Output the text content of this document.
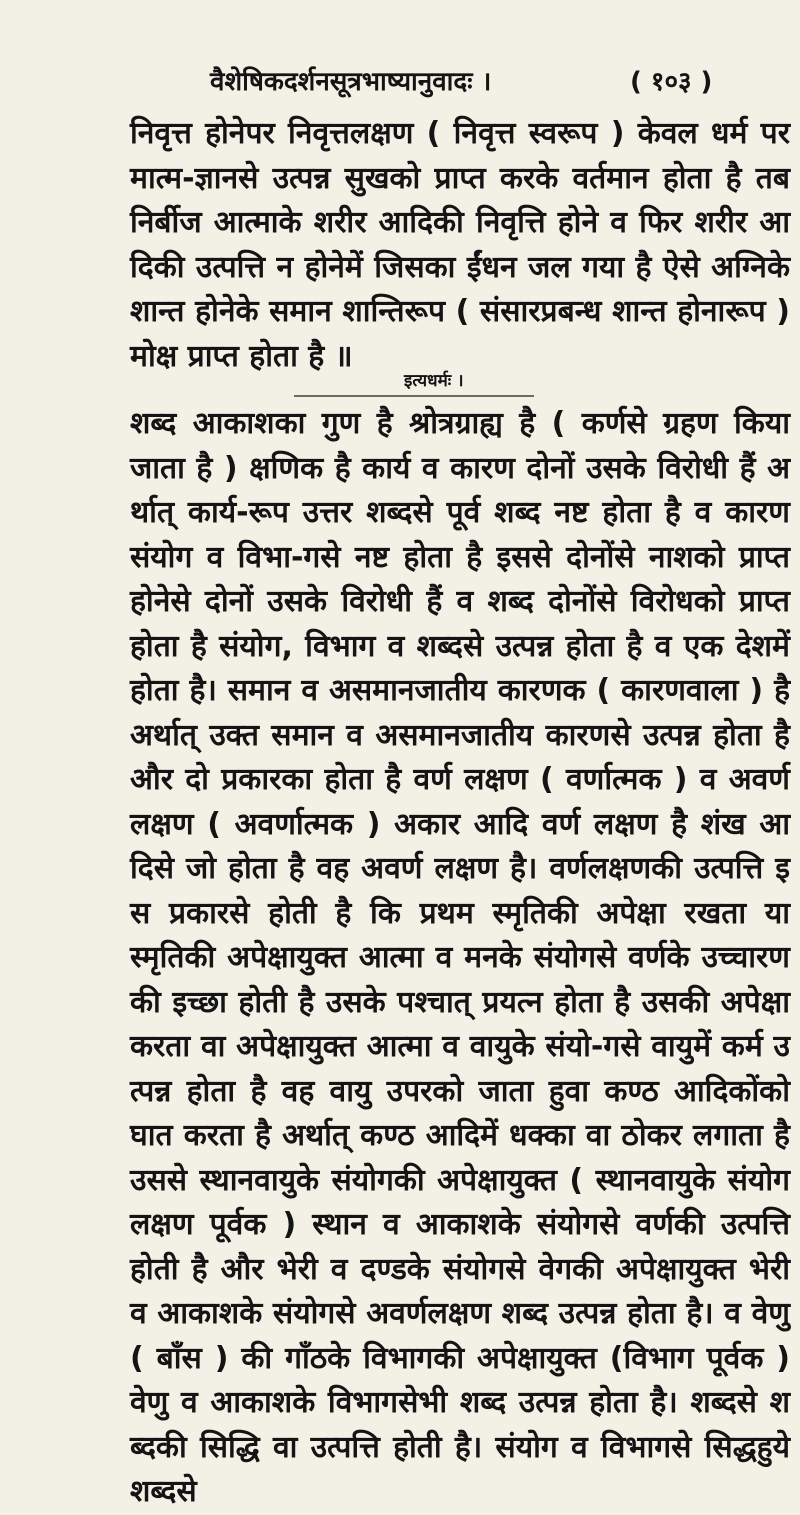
वैशेषिकदर्शनसूत्रभाष्यानुवादः ।	( १०३ )
निवृत्त होनेपर निवृत्तलक्षण ( निवृत्त स्वरूप ) केवल धर्म परमात्म-ज्ञानसे उत्पन्न सुखको प्राप्त करके वर्तमान होता है तब निर्बीज आत्माके शरीर आदिकी निवृत्ति होने व फिर शरीर आदिकी उत्पत्ति न होनेमें जिसका ईंधन जल गया है ऐसे अग्निके शान्त होनेके समान शान्तिरूप ( संसारप्रबन्ध शान्त होनारूप ) मोक्ष प्राप्त होता है ॥
इत्यधर्मः ।
शब्द आकाशका गुण है श्रोत्रग्राह्य है ( कर्णसे ग्रहण किया जाता है ) क्षणिक है कार्य व कारण दोनों उसके विरोधी हैं अर्थात् कार्य-रूप उत्तर शब्दसे पूर्व शब्द नष्ट होता है व कारणसंयोग व विभा-गसे नष्ट होता है इससे दोनोंसे नाशको प्राप्त होनेसे दोनों उसके विरोधी हैं व शब्द दोनोंसे विरोधको प्राप्त होता है संयोग, विभाग व शब्दसे उत्पन्न होता है व एक देशमें होता है। समान व असमानजातीय कारणक ( कारणवाला ) है अर्थात् उक्त समान व असमानजातीय कारणसे उत्पन्न होता है और दो प्रकारका होता है वर्ण लक्षण ( वर्णात्मक ) व अवर्णलक्षण ( अवर्णात्मक ) अकार आदि वर्ण लक्षण है शंख आदिसे जो होता है वह अवर्ण लक्षण है। वर्णलक्षणकी उत्पत्ति इस प्रकारसे होती है कि प्रथम स्मृतिकी अपेक्षा रखता या स्मृतिकी अपेक्षायुक्त आत्मा व मनके संयोगसे वर्णके उच्चारणकी इच्छा होती है उसके पश्चात् प्रयत्न होता है उसकी अपेक्षा करता वा अपेक्षायुक्त आत्मा व वायुके संयो-गसे वायुमें कर्म उत्पन्न होता है वह वायु उपरको जाता हुवा कण्ठ आदिकोंको घात करता है अर्थात् कण्ठ आदिमें धक्का वा ठोकर लगाता है उससे स्थानवायुके संयोगकी अपेक्षायुक्त ( स्थानवायुके संयोगलक्षण पूर्वक ) स्थान व आकाशके संयोगसे वर्णकी उत्पत्ति होती है और भेरी व दण्डके संयोगसे वेगकी अपेक्षायुक्त भेरी व आकाशके संयोगसे अवर्णलक्षण शब्द उत्पन्न होता है। व वेणु ( बाँस ) की गाँठके विभागकी अपेक्षायुक्त (विभाग पूर्वक ) वेणु व आकाशके विभागसेभी शब्द उत्पन्न होता है। शब्दसे शब्दकी सिद्धि वा उत्पत्ति होती है। संयोग व विभागसे सिद्धहुये शब्दसे
